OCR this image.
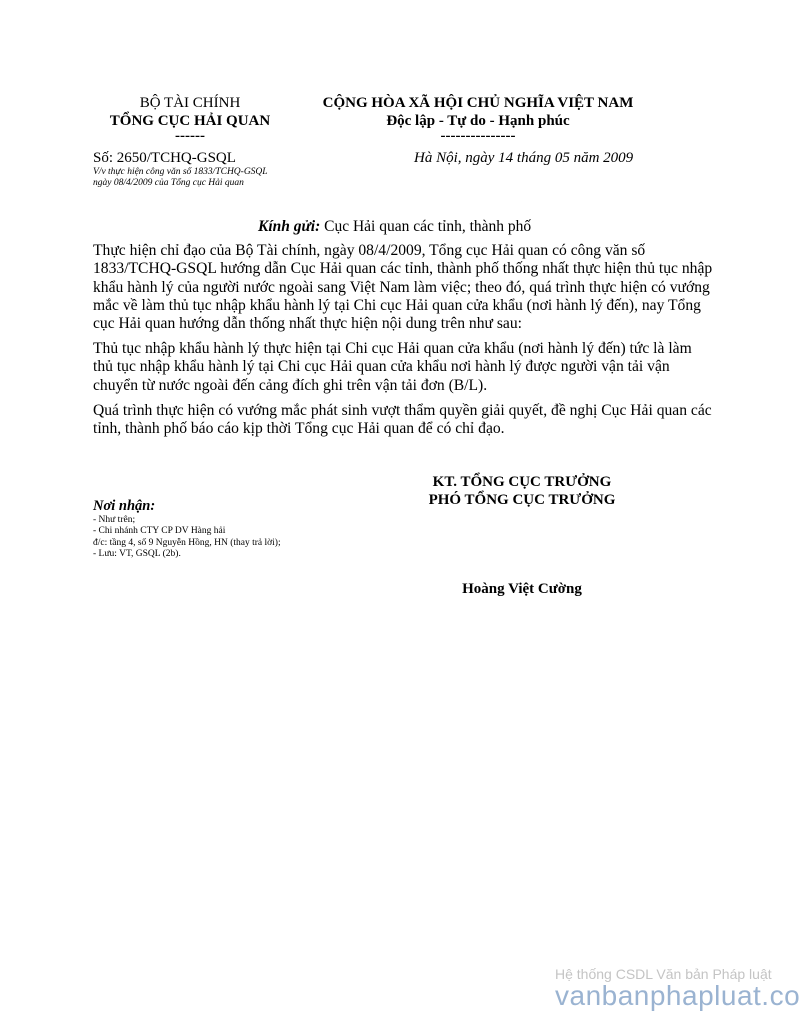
BỘ TÀI CHÍNH
TỔNG CỤC HẢI QUAN
------
CỘNG HÒA XÃ HỘI CHỦ NGHĨA VIỆT NAM
Độc lập - Tự do - Hạnh phúc
---------------
Số: 2650/TCHQ-GSQL
V/v thực hiện công văn số 1833/TCHQ-GSQL
ngày 08/4/2009 của Tổng cục Hải quan
Hà Nội, ngày 14 tháng 05 năm 2009
Kính gửi: Cục Hải quan các tỉnh, thành phố

Thực hiện chỉ đạo của Bộ Tài chính, ngày 08/4/2009, Tổng cục Hải quan có công văn số 1833/TCHQ-GSQL hướng dẫn Cục Hải quan các tỉnh, thành phố thống nhất thực hiện thủ tục nhập khẩu hành lý của người nước ngoài sang Việt Nam làm việc; theo đó, quá trình thực hiện có vướng mắc về làm thủ tục nhập khẩu hành lý tại Chi cục Hải quan cửa khẩu (nơi hành lý đến), nay Tổng cục Hải quan hướng dẫn thống nhất thực hiện nội dung trên như sau:

Thủ tục nhập khẩu hành lý thực hiện tại Chi cục Hải quan cửa khẩu (nơi hành lý đến) tức là làm thủ tục nhập khẩu hành lý tại Chi cục Hải quan cửa khẩu nơi hành lý được người vận tải vận chuyển từ nước ngoài đến cảng đích ghi trên vận tải đơn (B/L).

Quá trình thực hiện có vướng mắc phát sinh vượt thẩm quyền giải quyết, đề nghị Cục Hải quan các tỉnh, thành phố báo cáo kịp thời Tổng cục Hải quan để có chỉ đạo.

KT. TỔNG CỤC TRƯỞNG
PHÓ TỔNG CỤC TRƯỞNG
Hoàng Việt Cường
Nơi nhận:
- Như trên;
- Chi nhánh CTY CP DV Hàng hải
đ/c: tầng 4, số 9 Nguyễn Hồng, HN (thay trả lời);
- Lưu: VT, GSQL (2b).
Hệ thống CSDL Văn bản Pháp luật
vanbanphapluat.co
